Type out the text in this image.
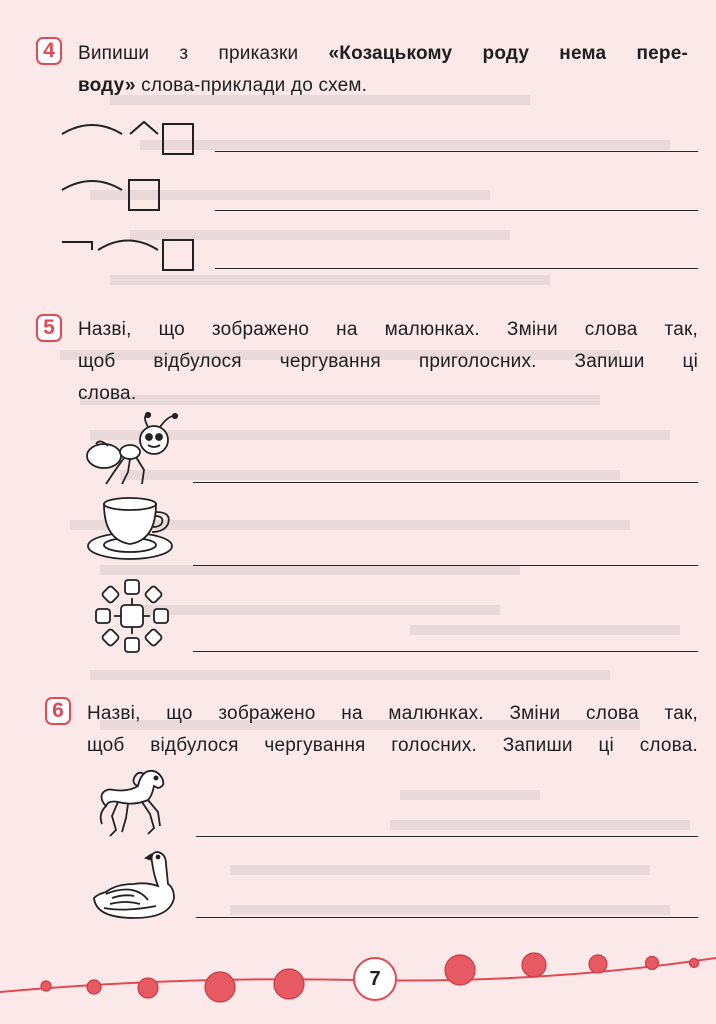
4 Випиши з приказки «Козацькому роду нема пере-
воду» слова-приклади до схем.
5 Назві, що зображено на малюнках. Зміни слова так,
щоб відбулося чергування приголосних. Запиши ці
слова.
6 Назві, що зображено на малюнках. Зміни слова так,
щоб відбулося чергування голосних. Запиши ці слова.
7
